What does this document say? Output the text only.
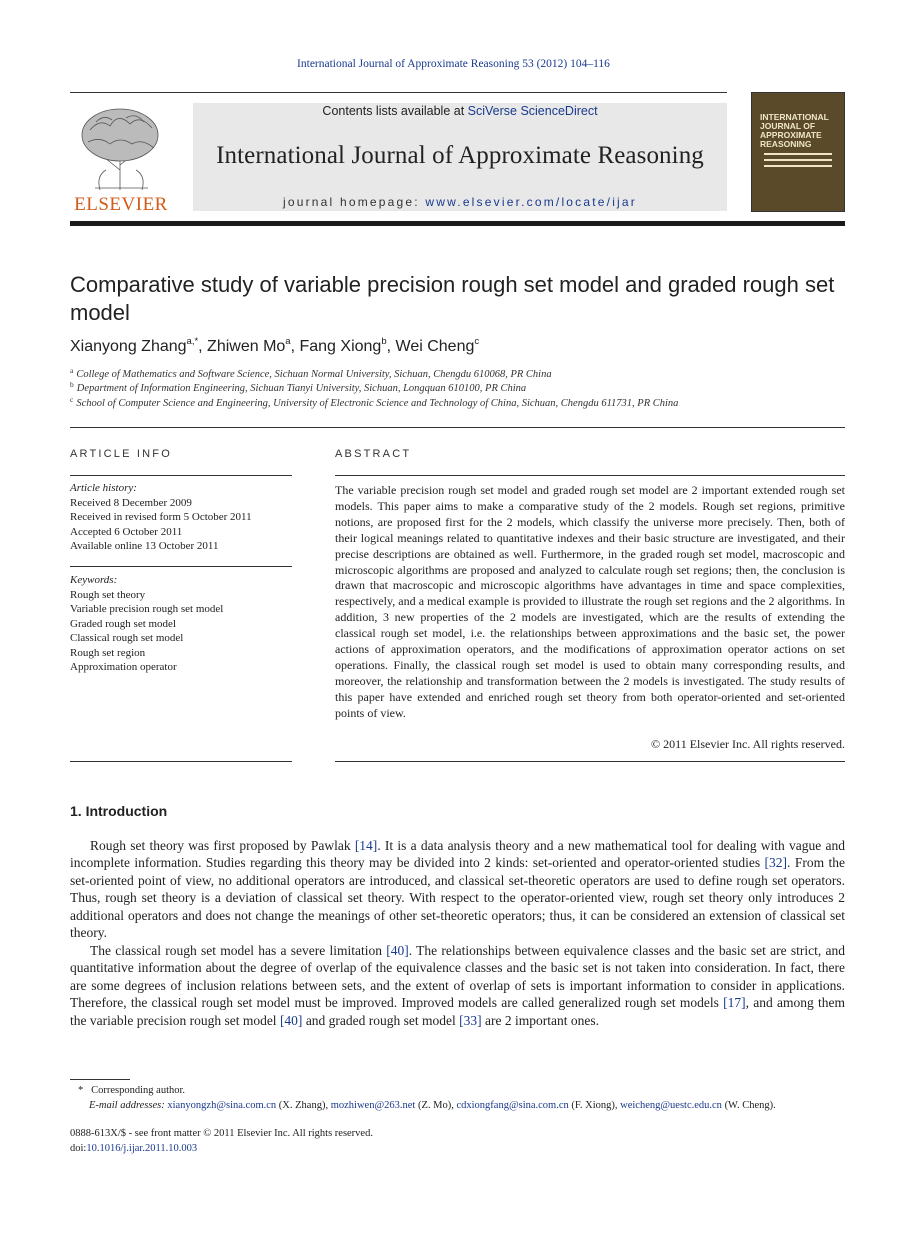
International Journal of Approximate Reasoning 53 (2012) 104–116
ELSEVIER
Contents lists available at SciVerse ScienceDirect
International Journal of Approximate Reasoning
journal homepage: www.elsevier.com/locate/ijar
INTERNATIONAL JOURNAL OF APPROXIMATE REASONING
Comparative study of variable precision rough set model and graded rough set model
Xianyong Zhang$^{a,*}$, Zhiwen Mo$^a$, Fang Xiong$^b$, Wei Cheng$^c$
$^a$ College of Mathematics and Software Science, Sichuan Normal University, Sichuan, Chengdu 610068, PR China
$^b$ Department of Information Engineering, Sichuan Tianyi University, Sichuan, Longquan 610100, PR China
$^c$ School of Computer Science and Engineering, University of Electronic Science and Technology of China, Sichuan, Chengdu 611731, PR China
ARTICLE INFO
Article history:
Received 8 December 2009
Received in revised form 5 October 2011
Accepted 6 October 2011
Available online 13 October 2011
Keywords:
Rough set theory
Variable precision rough set model
Graded rough set model
Classical rough set model
Rough set region
Approximation operator
ABSTRACT
The variable precision rough set model and graded rough set model are 2 important extended rough set models. This paper aims to make a comparative study of the 2 models. Rough set regions, primitive notions, are proposed first for the 2 models, which classify the universe more precisely. Then, both of their logical meanings related to quantitative indexes and their basic structure are investigated, and their precise descriptions are obtained as well. Furthermore, in the graded rough set model, macroscopic and microscopic algorithms are proposed and analyzed to calculate rough set regions; then, the conclusion is drawn that macroscopic and microscopic algorithms have advantages in time and space complexities, respectively, and a medical example is provided to illustrate the rough set regions and the 2 algorithms. In addition, 3 new properties of the 2 models are investigated, which are the results of extending the classical rough set model, i.e. the relationships between approximations and the basic set, the power actions of approximation operators, and the modifications of approximation operator actions on set operations. Finally, the classical rough set model is used to obtain many corresponding results, and moreover, the relationship and transformation between the 2 models is investigated. The study results of this paper have extended and enriched rough set theory from both operator-oriented and set-oriented points of view.
© 2011 Elsevier Inc. All rights reserved.
1. Introduction
Rough set theory was first proposed by Pawlak [14]. It is a data analysis theory and a new mathematical tool for dealing with vague and incomplete information. Studies regarding this theory may be divided into 2 kinds: set-oriented and operator-oriented studies [32]. From the set-oriented point of view, no additional operators are introduced, and classical set-theoretic operators are used to define rough set operators. Thus, rough set theory is a deviation of classical set theory. With respect to the operator-oriented view, rough set theory only introduces 2 additional operators and does not change the meanings of other set-theoretic operators; thus, it can be considered an extension of classical set theory.
The classical rough set model has a severe limitation [40]. The relationships between equivalence classes and the basic set are strict, and quantitative information about the degree of overlap of the equivalence classes and the basic set is not taken into consideration. In fact, there are some degrees of inclusion relations between sets, and the extent of overlap of sets is important information to consider in applications. Therefore, the classical rough set model must be improved. Improved models are called generalized rough set models [17], and among them the variable precision rough set model [40] and graded rough set model [33] are 2 important ones.
* Corresponding author.
E-mail addresses: xianyongzh@sina.com.cn (X. Zhang), mozhiwen@263.net (Z. Mo), cdxiongfang@sina.com.cn (F. Xiong), weicheng@uestc.edu.cn (W. Cheng).
0888-613X/$ - see front matter © 2011 Elsevier Inc. All rights reserved.
doi:10.1016/j.ijar.2011.10.003
